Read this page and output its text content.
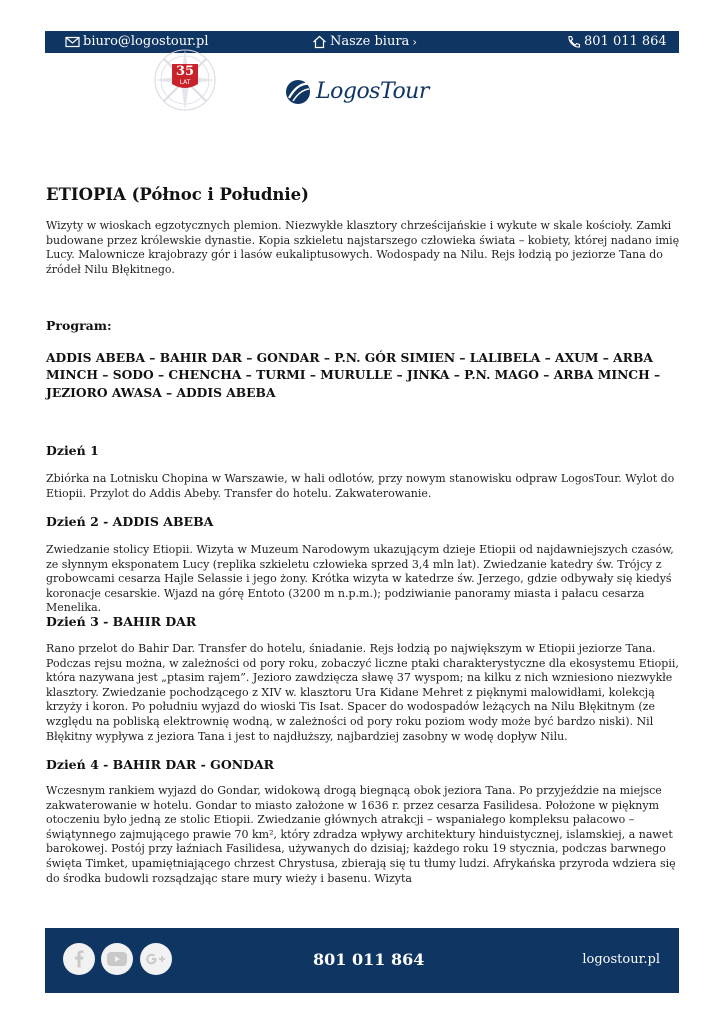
biuro@logostour.pl	Nasze biura ›	801 011 864
35
LAT	LogosTour
ETIOPIA (Północ i Południe)

Wizyty w wioskach egzotycznych plemion. Niezwykłe klasztory chrześcijańskie i wykute w skale kościoły. Zamki budowane przez królewskie dynastie. Kopia szkieletu najstarszego człowieka świata – kobiety, której nadano imię Lucy. Malownicze krajobrazy gór i lasów eukaliptusowych. Wodospady na Nilu. Rejs łodzią po jeziorze Tana do źródeł Nilu Błękitnego.

Program:

ADDIS ABEBA – BAHIR DAR – GONDAR – P.N. GÓR SIMIEN – LALIBELA – AXUM – ARBA MINCH – SODO – CHENCHA – TURMI – MURULLE – JINKA – P.N. MAGO – ARBA MINCH – JEZIORO AWASA – ADDIS ABEBA

Dzień 1

Zbiórka na Lotnisku Chopina w Warszawie, w hali odlotów, przy nowym stanowisku odpraw LogosTour. Wylot do Etiopii. Przylot do Addis Abeby. Transfer do hotelu. Zakwaterowanie.

Dzień 2 - ADDIS ABEBA

Zwiedzanie stolicy Etiopii. Wizyta w Muzeum Narodowym ukazującym dzieje Etiopii od najdawniejszych czasów, ze słynnym eksponatem Lucy (replika szkieletu człowieka sprzed 3,4 mln lat). Zwiedzanie katedry św. Trójcy z grobowcami cesarza Hajle Selassie i jego żony. Krótka wizyta w katedrze św. Jerzego, gdzie odbywały się kiedyś koronacje cesarskie. Wjazd na górę Entoto (3200 m n.p.m.); podziwianie panoramy miasta i pałacu cesarza Menelika.

Dzień 3 - BAHIR DAR

Rano przelot do Bahir Dar. Transfer do hotelu, śniadanie. Rejs łodzią po największym w Etiopii jeziorze Tana. Podczas rejsu można, w zależności od pory roku, zobaczyć liczne ptaki charakterystyczne dla ekosystemu Etiopii, która nazywana jest „ptasim rajem”. Jezioro zawdzięcza sławę 37 wyspom; na kilku z nich wzniesiono niezwykłe klasztory. Zwiedzanie pochodzącego z XIV w. klasztoru Ura Kidane Mehret z pięknymi malowidłami, kolekcją krzyży i koron. Po południu wyjazd do wioski Tis Isat. Spacer do wodospadów leżących na Nilu Błękitnym (ze względu na pobliską elektrownię wodną, w zależności od pory roku poziom wody może być bardzo niski). Nil Błękitny wypływa z jeziora Tana i jest to najdłuższy, najbardziej zasobny w wodę dopływ Nilu.

Dzień 4 - BAHIR DAR - GONDAR

Wczesnym rankiem wyjazd do Gondar, widokową drogą biegnącą obok jeziora Tana. Po przyjeździe na miejsce zakwaterowanie w hotelu. Gondar to miasto założone w 1636 r. przez cesarza Fasilidesa. Położone w pięknym otoczeniu było jedną ze stolic Etiopii. Zwiedzanie głównych atrakcji – wspaniałego kompleksu pałacowo – świątynnego zajmującego prawie 70 km², który zdradza wpływy architektury hinduistycznej, islamskiej, a nawet barokowej. Postój przy łaźniach Fasilidesa, używanych do dzisiaj; każdego roku 19 stycznia, podczas barwnego święta Timket, upamiętniającego chrzest Chrystusa, zbierają się tu tłumy ludzi. Afrykańska przyroda wdziera się do środka budowli rozsądzając stare mury wieży i basenu. Wizyta

801 011 864	logostour.pl
